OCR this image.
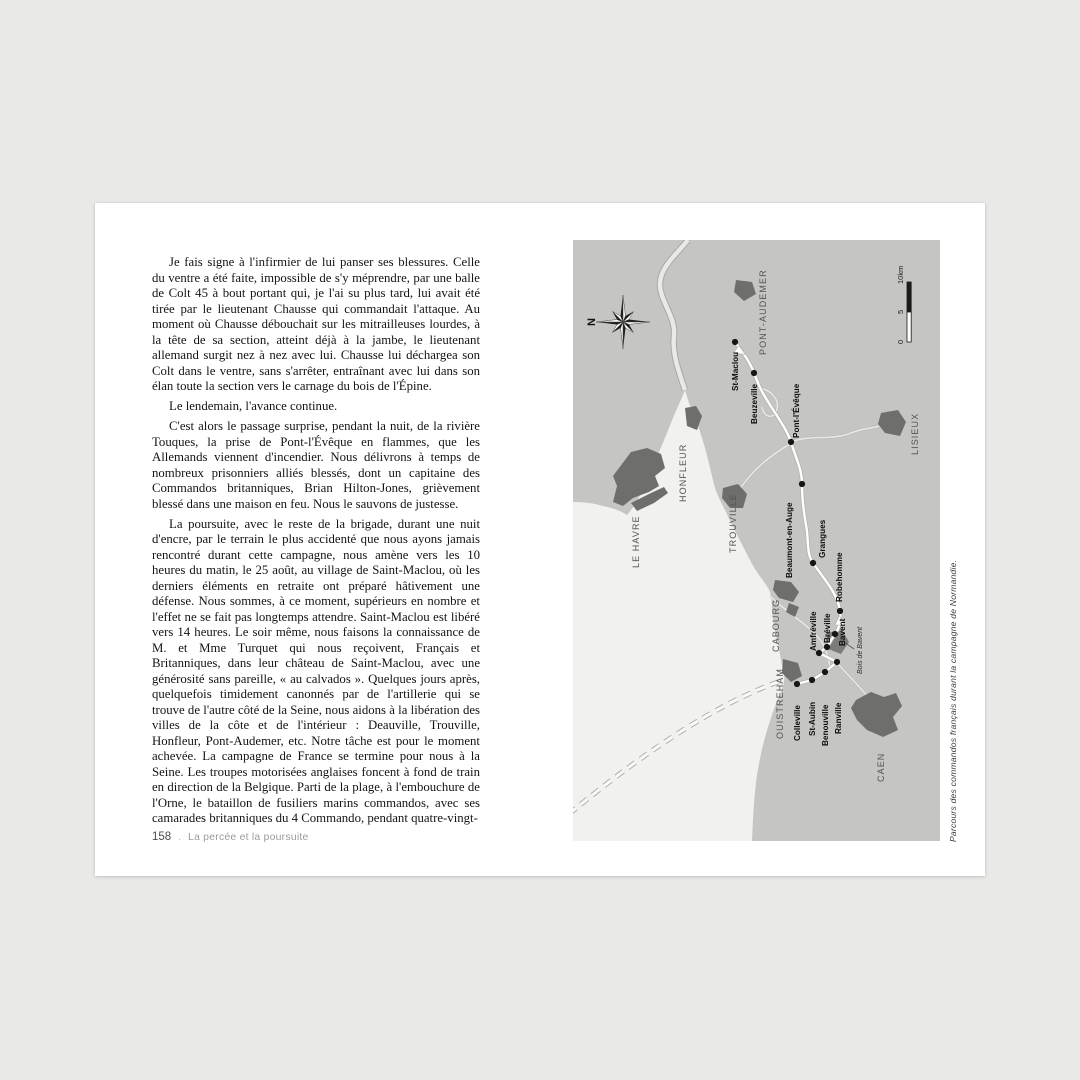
Je fais signe à l'infirmier de lui panser ses blessures. Celle du ventre a été faite, impossible de s'y méprendre, par une balle de Colt 45 à bout portant qui, je l'ai su plus tard, lui avait été tirée par le lieutenant Chausse qui commandait l'attaque. Au moment où Chausse débouchait sur les mitrailleuses lourdes, à la tête de sa section, atteint déjà à la jambe, le lieutenant allemand surgit nez à nez avec lui. Chausse lui déchargea son Colt dans le ventre, sans s'arrêter, entraînant avec lui dans son élan toute la section vers le carnage du bois de l'Épine.

Le lendemain, l'avance continue.

C'est alors le passage surprise, pendant la nuit, de la rivière Touques, la prise de Pont-l'Évêque en flammes, que les Allemands viennent d'incendier. Nous délivrons à temps de nombreux prisonniers alliés blessés, dont un capitaine des Commandos britanniques, Brian Hilton-Jones, grièvement blessé dans une maison en feu. Nous le sauvons de justesse.

La poursuite, avec le reste de la brigade, durant une nuit d'encre, par le terrain le plus accidenté que nous ayons jamais rencontré durant cette campagne, nous amène vers les 10 heures du matin, le 25 août, au village de Saint-Maclou, où les derniers éléments en retraite ont préparé hâtivement une défense. Nous sommes, à ce moment, supérieurs en nombre et l'effet ne se fait pas longtemps attendre. Saint-Maclou est libéré vers 14 heures. Le soir même, nous faisons la connaissance de M. et Mme Turquet qui nous reçoivent, Français et Britanniques, dans leur château de Saint-Maclou, avec une générosité sans pareille, « au calvados ». Quelques jours après, quelquefois timidement canonnés par de l'artillerie qui se trouve de l'autre côté de la Seine, nous aidons à la libération des villes de la côte et de l'intérieur : Deauville, Trouville, Honfleur, Pont-Audemer, etc. Notre tâche est pour le moment achevée. La campagne de France se termine pour nous à la Seine. Les troupes motorisées anglaises foncent à fond de train en direction de la Belgique. Parti de la plage, à l'embouchure de l'Orne, le bataillon de fusiliers marins commandos, avec ses camarades britanniques du 4 Commando, pendant quatre-vingt-

Colleville St-Aubin Benouville Ranville
Amfréville Bréville Bavent
Robehomme
Grangues
Beaumont-en-Auge
Pont-l'Évêque
Beuzeville
St-Maclou
LE HAVRE
HONFLEUR
TROUVILLE
PONT-AUDEMER
LISIEUX
CABOURG
OUISTREHAM
CAEN
Bois de Bavent
0
5
10km
N
Parcours des commandos français durant la campagne de Normandie.
158 . La percée et la poursuite
